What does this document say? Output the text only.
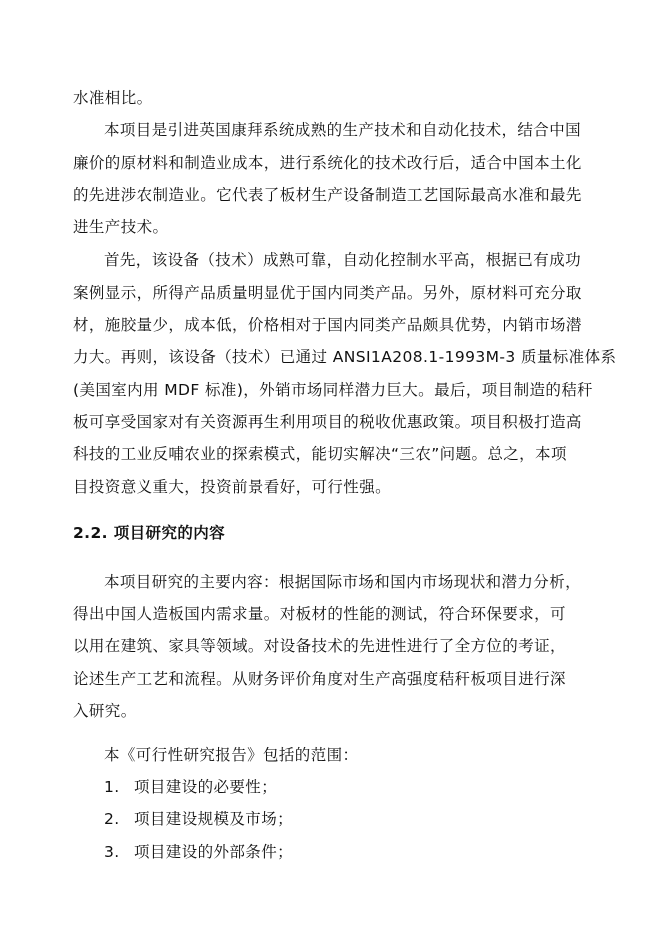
水准相比。
本项目是引进英国康拜系统成熟的生产技术和自动化技术，结合中国
廉价的原材料和制造业成本，进行系统化的技术改行后，适合中国本土化
的先进涉农制造业。它代表了板材生产设备制造工艺国际最高水准和最先
进生产技术。
首先，该设备（技术）成熟可靠，自动化控制水平高，根据已有成功
案例显示，所得产品质量明显优于国内同类产品。另外，原材料可充分取
材，施胶量少，成本低，价格相对于国内同类产品颇具优势，内销市场潜
力大。再则，该设备（技术）已通过 ANSI1A208.1-1993M-3 质量标准体系
(美国室内用 MDF 标准)，外销市场同样潜力巨大。最后，项目制造的秸秆
板可享受国家对有关资源再生利用项目的税收优惠政策。项目积极打造高
科技的工业反哺农业的探索模式，能切实解决“三农”问题。总之，本项
目投资意义重大，投资前景看好，可行性强。
2.2. 项目研究的内容
本项目研究的主要内容：根据国际市场和国内市场现状和潜力分析，
得出中国人造板国内需求量。对板材的性能的测试，符合环保要求，可
以用在建筑、家具等领域。对设备技术的先进性进行了全方位的考证，
论述生产工艺和流程。从财务评价角度对生产高强度秸秆板项目进行深
入研究。
本《可行性研究报告》包括的范围：
1. 项目建设的必要性；
2. 项目建设规模及市场；
3. 项目建设的外部条件；
